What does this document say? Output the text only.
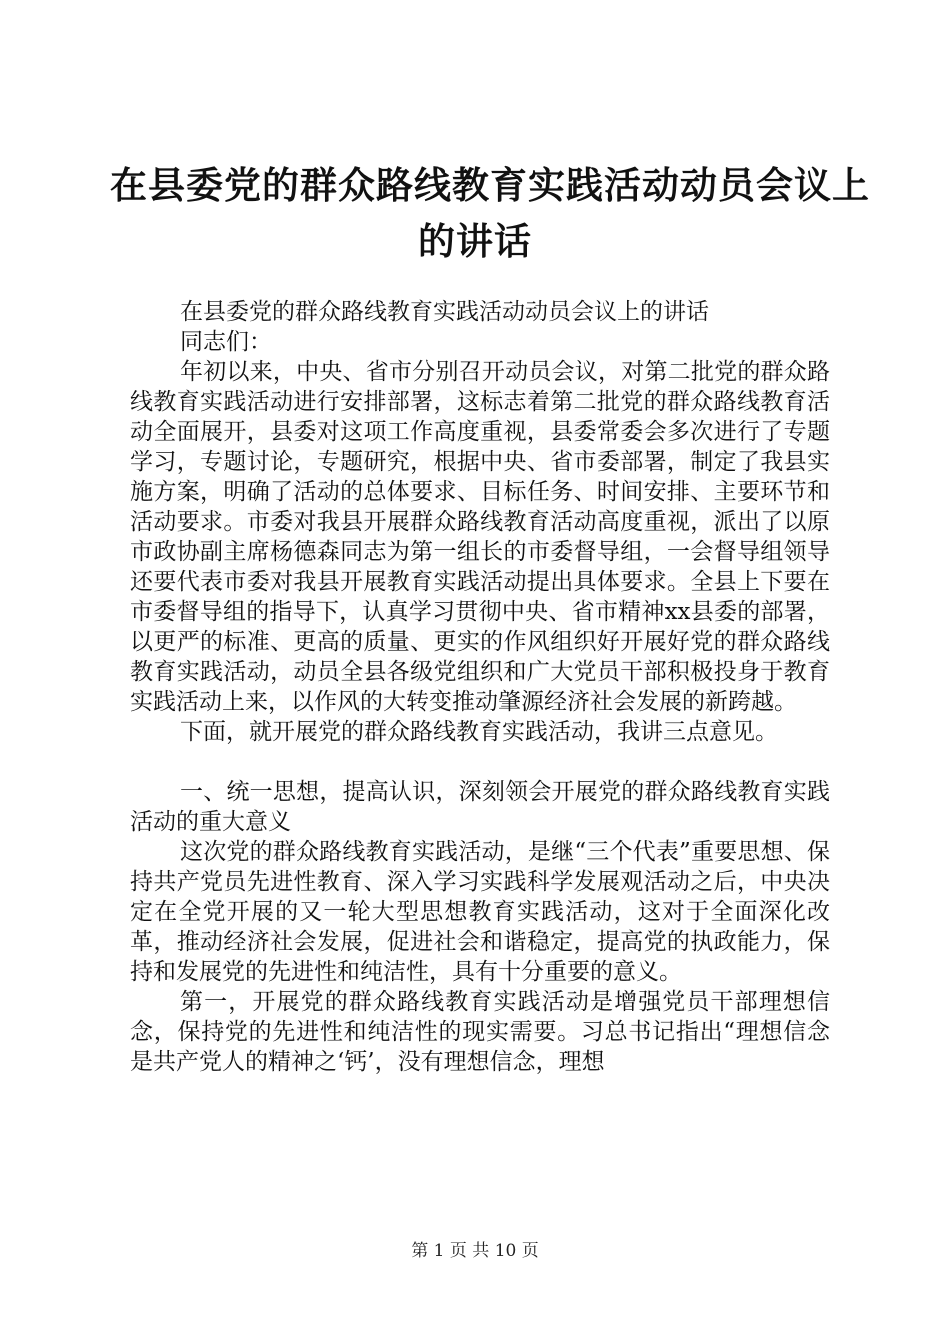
在县委党的群众路线教育实践活动动员会议上
的讲话

在县委党的群众路线教育实践活动动员会议上的讲话

同志们：

年初以来，中央、省市分别召开动员会议，对第二批党的群众路线教育实践活动进行安排部署，这标志着第二批党的群众路线教育活动全面展开，县委对这项工作高度重视，县委常委会多次进行了专题学习，专题讨论，专题研究，根据中央、省市委部署，制定了我县实施方案，明确了活动的总体要求、目标任务、时间安排、主要环节和活动要求。市委对我县开展群众路线教育活动高度重视，派出了以原市政协副主席杨德森同志为第一组长的市委督导组，一会督导组领导还要代表市委对我县开展教育实践活动提出具体要求。全县上下要在市委督导组的指导下，认真学习贯彻中央、省市精神xx县委的部署，以更严的标准、更高的质量、更实的作风组织好开展好党的群众路线教育实践活动，动员全县各级党组织和广大党员干部积极投身于教育实践活动上来，以作风的大转变推动肇源经济社会发展的新跨越。

下面，就开展党的群众路线教育实践活动，我讲三点意见。

一、统一思想，提高认识，深刻领会开展党的群众路线教育实践活动的重大意义

这次党的群众路线教育实践活动，是继“三个代表”重要思想、保持共产党员先进性教育、深入学习实践科学发展观活动之后，中央决定在全党开展的又一轮大型思想教育实践活动，这对于全面深化改革，推动经济社会发展，促进社会和谐稳定，提高党的执政能力，保持和发展党的先进性和纯洁性，具有十分重要的意义。

第一，开展党的群众路线教育实践活动是增强党员干部理想信念，保持党的先进性和纯洁性的现实需要。习总书记指出“理想信念是共产党人的精神之‘钙’，没有理想信念，理想

第 1 页 共 10 页
